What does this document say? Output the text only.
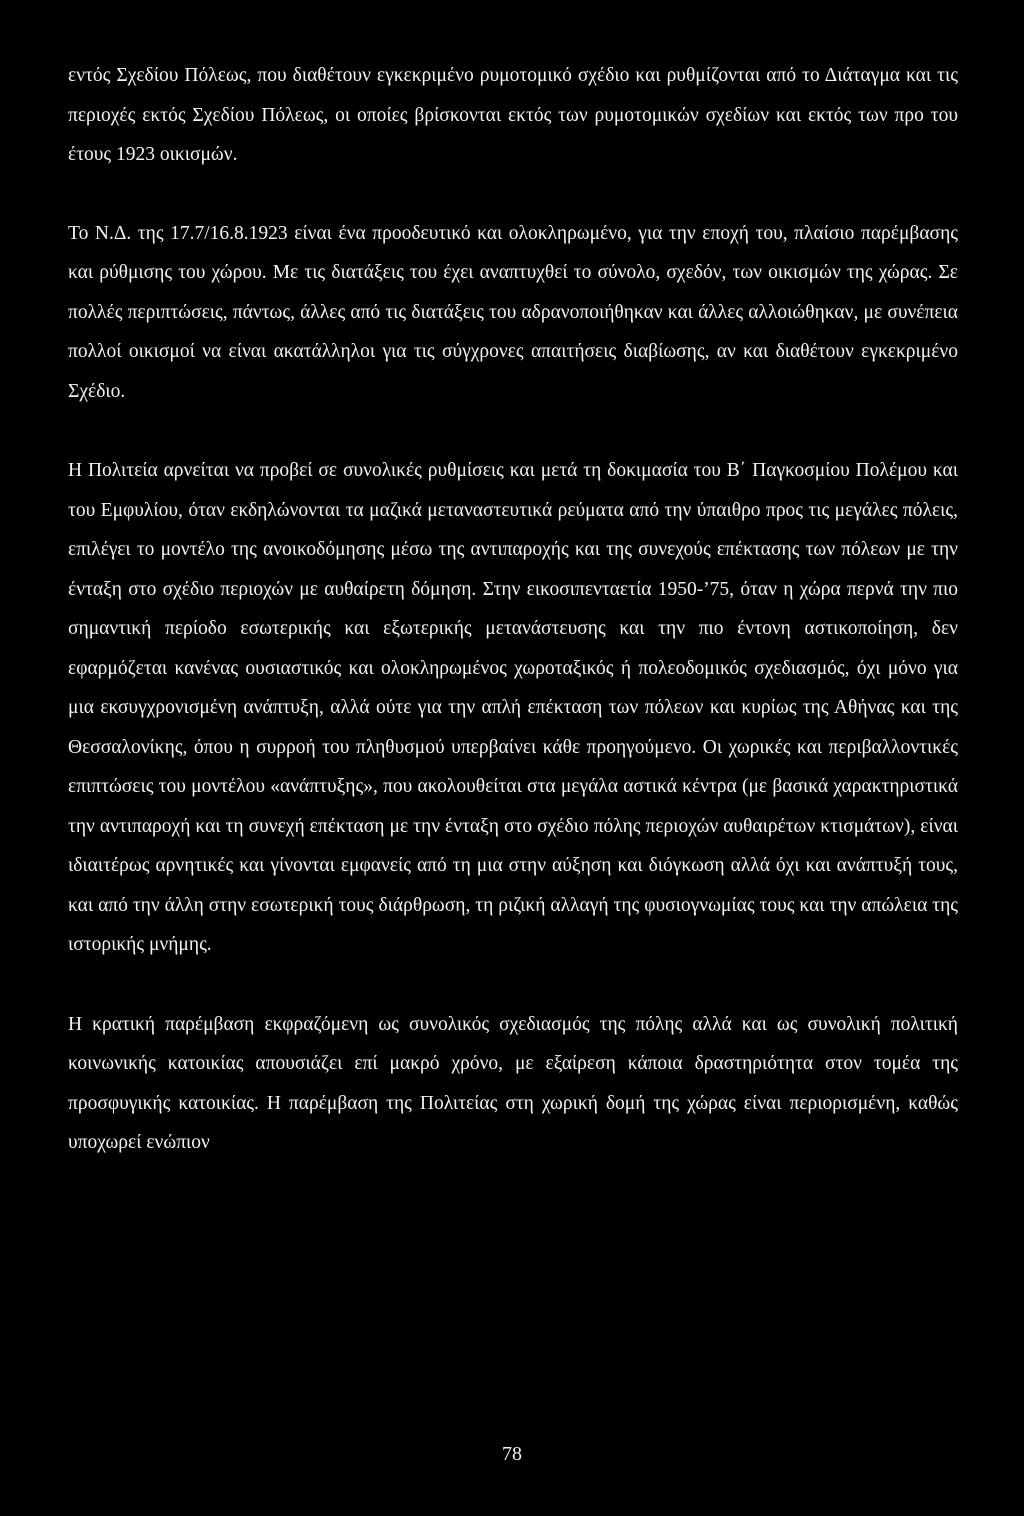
εντός Σχεδίου Πόλεως, που διαθέτουν εγκεκριμένο ρυμοτομικό σχέδιο και ρυθμίζονται από το Διάταγμα και τις περιοχές εκτός Σχεδίου Πόλεως, οι οποίες βρίσκονται εκτός των ρυμοτομικών σχεδίων και εκτός των προ του έτους 1923 οικισμών.

Το Ν.Δ. της 17.7/16.8.1923 είναι ένα προοδευτικό και ολοκληρωμένο, για την εποχή του, πλαίσιο παρέμβασης και ρύθμισης του χώρου. Με τις διατάξεις του έχει αναπτυχθεί το σύνολο, σχεδόν, των οικισμών της χώρας. Σε πολλές περιπτώσεις, πάντως, άλλες από τις διατάξεις του αδρανοποιήθηκαν και άλλες αλλοιώθηκαν, με συνέπεια πολλοί οικισμοί να είναι ακατάλληλοι για τις σύγχρονες απαιτήσεις διαβίωσης, αν και διαθέτουν εγκεκριμένο Σχέδιο.

Η Πολιτεία αρνείται να προβεί σε συνολικές ρυθμίσεις και μετά τη δοκιμασία του Β΄ Παγκοσμίου Πολέμου και του Εμφυλίου, όταν εκδηλώνονται τα μαζικά μεταναστευτικά ρεύματα από την ύπαιθρο προς τις μεγάλες πόλεις, επιλέγει το μοντέλο της ανοικοδόμησης μέσω της αντιπαροχής και της συνεχούς επέκτασης των πόλεων με την ένταξη στο σχέδιο περιοχών με αυθαίρετη δόμηση. Στην εικοσιπενταετία 1950-’75, όταν η χώρα περνά την πιο σημαντική περίοδο εσωτερικής και εξωτερικής μετανάστευσης και την πιο έντονη αστικοποίηση, δεν εφαρμόζεται κανένας ουσιαστικός και ολοκληρωμένος χωροταξικός ή πολεοδομικός σχεδιασμός, όχι μόνο για μια εκσυγχρονισμένη ανάπτυξη, αλλά ούτε για την απλή επέκταση των πόλεων και κυρίως της Αθήνας και της Θεσσαλονίκης, όπου η συρροή του πληθυσμού υπερβαίνει κάθε προηγούμενο. Οι χωρικές και περιβαλλοντικές επιπτώσεις του μοντέλου «ανάπτυξης», που ακολουθείται στα μεγάλα αστικά κέντρα (με βασικά χαρακτηριστικά την αντιπαροχή και τη συνεχή επέκταση με την ένταξη στο σχέδιο πόλης περιοχών αυθαιρέτων κτισμάτων), είναι ιδιαιτέρως αρνητικές και γίνονται εμφανείς από τη μια στην αύξηση και διόγκωση αλλά όχι και ανάπτυξή τους, και από την άλλη στην εσωτερική τους διάρθρωση, τη ριζική αλλαγή της φυσιογνωμίας τους και την απώλεια της ιστορικής μνήμης.

Η κρατική παρέμβαση εκφραζόμενη ως συνολικός σχεδιασμός της πόλης αλλά και ως συνολική πολιτική κοινωνικής κατοικίας απουσιάζει επί μακρό χρόνο, με εξαίρεση κάποια δραστηριότητα στον τομέα της προσφυγικής κατοικίας. Η παρέμβαση της Πολιτείας στη χωρική δομή της χώρας είναι περιορισμένη, καθώς υποχωρεί ενώπιον

78
